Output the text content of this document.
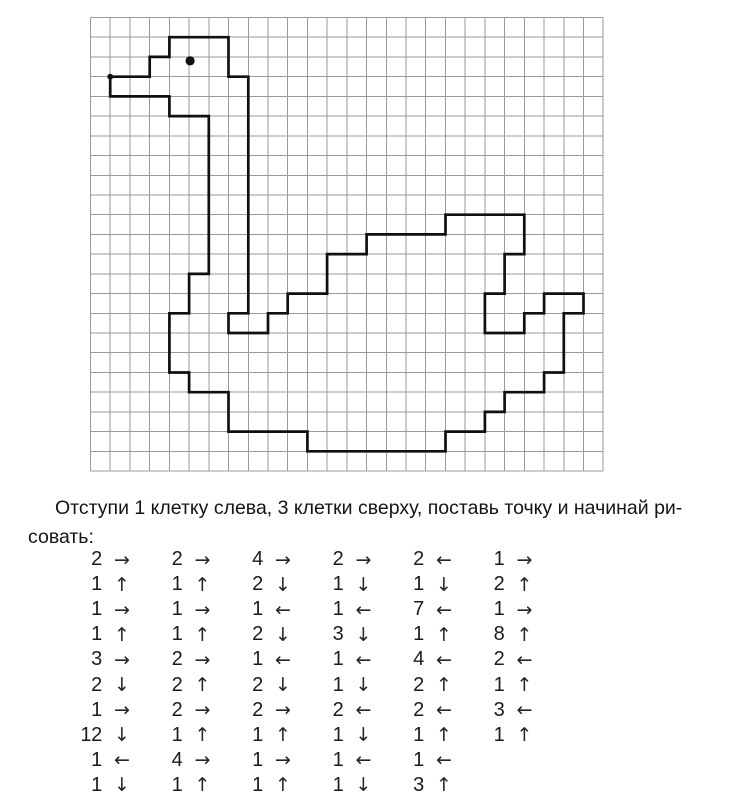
Отступи 1 клетку слева, 3 клетки сверху, поставь точку и начинай ри-
совать:
2 →
1 ↑
1 →
1 ↑
3 →
2 ↓
1 →
12 ↓
1 ←
1 ↓
2 →
1 ↑
1 →
1 ↑
2 →
2 ↑
2 →
1 ↑
4 →
1 ↑
4 →
2 ↓
1 ←
2 ↓
1 ←
2 ↓
2 →
1 ↑
1 →
1 ↑
2 →
1 ↓
1 ←
3 ↓
1 ←
1 ↓
2 ←
1 ↓
1 ←
1 ↓
2 ←
1 ↓
7 ←
1 ↑
4 ←
2 ↑
2 ←
1 ↑
1 ←
3 ↑
1 →
2 ↑
1 →
8 ↑
2 ←
1 ↑
3 ←
1 ↑
